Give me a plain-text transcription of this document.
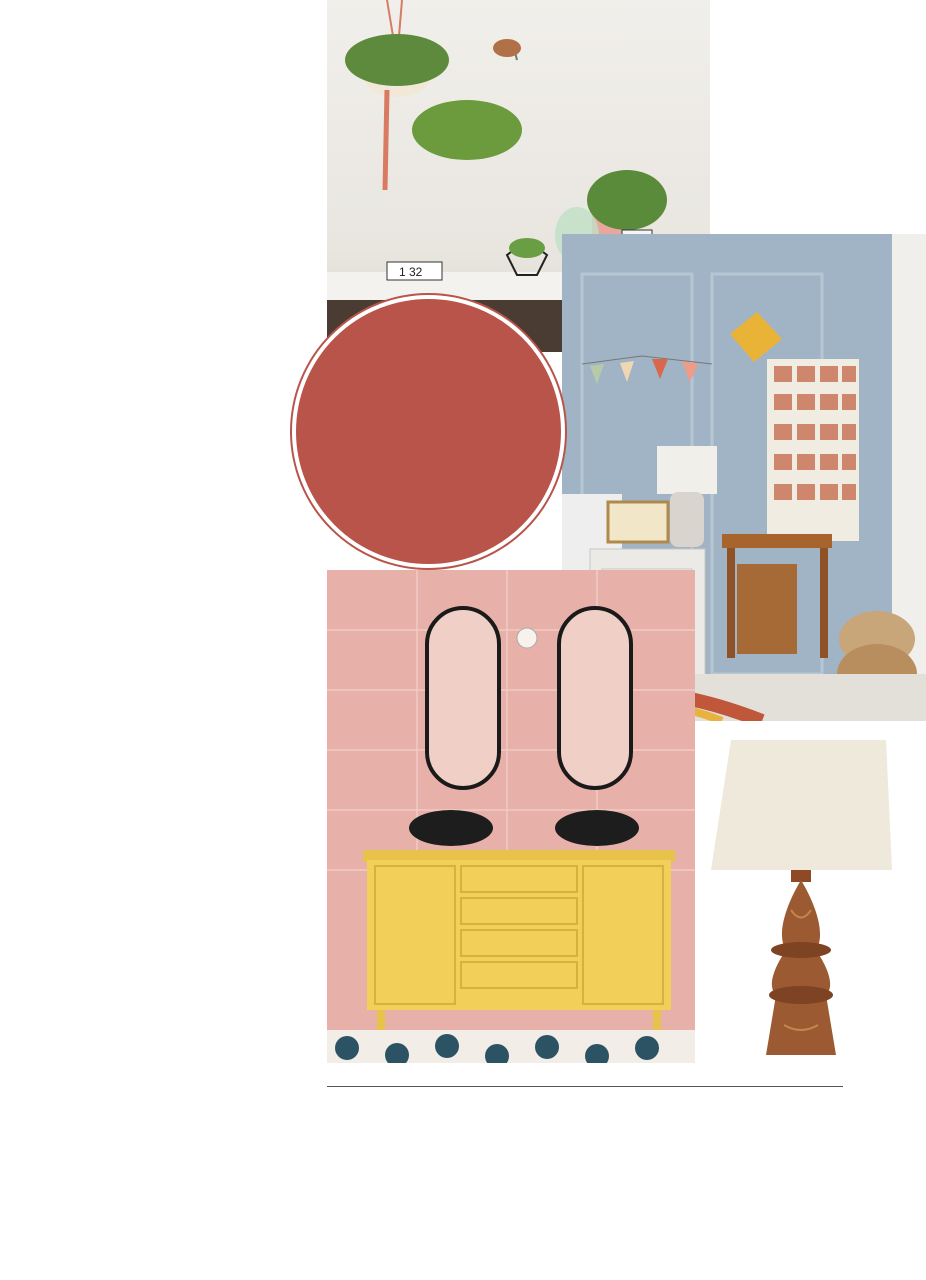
1 32
